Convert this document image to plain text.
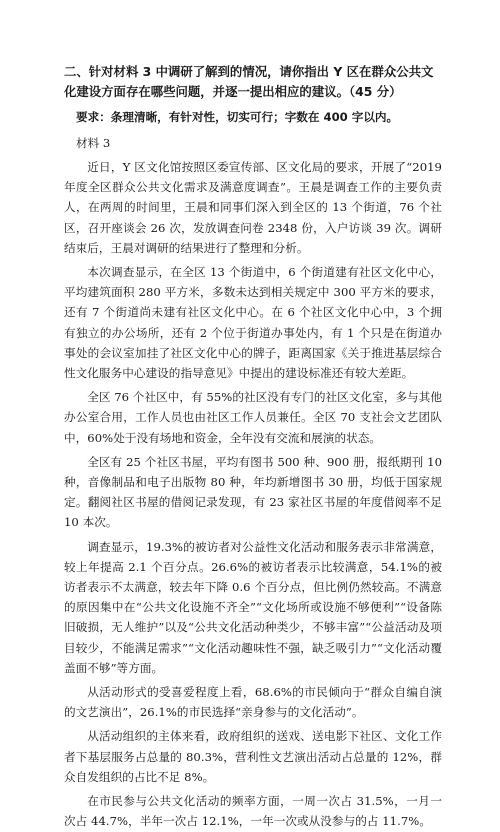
二、针对材料 3 中调研了解到的情况，请你指出 Y 区在群众公共文化建设方面存在哪些问题，并逐一提出相应的建议。（45 分）

要求：条理清晰，有针对性，切实可行；字数在 400 字以内。

材料 3

近日，Y 区文化馆按照区委宣传部、区文化局的要求，开展了“2019 年度全区群众公共文化需求及满意度调查”。王晨是调查工作的主要负责人，在两周的时间里，王晨和同事们深入到全区的 13 个街道，76 个社区，召开座谈会 26 次，发放调查问卷 2348 份，入户访谈 39 次。调研结束后，王晨对调研的结果进行了整理和分析。

本次调查显示，在全区 13 个街道中，6 个街道建有社区文化中心，平均建筑面积 280 平方米，多数未达到相关规定中 300 平方米的要求，还有 7 个街道尚未建有社区文化中心。在 6 个社区文化中心中，3 个拥有独立的办公场所，还有 2 个位于街道办事处内，有 1 个只是在街道办事处的会议室加挂了社区文化中心的牌子，距离国家《关于推进基层综合性文化服务中心建设的指导意见》中提出的建设标准还有较大差距。

全区 76 个社区中，有 55%的社区没有专门的社区文化室，多与其他办公室合用，工作人员也由社区工作人员兼任。全区 70 支社会文艺团队中，60%处于没有场地和资金，全年没有交流和展演的状态。

全区有 25 个社区书屋，平均有图书 500 种、900 册，报纸期刊 10 种，音像制品和电子出版物 80 种，年均新增图书 30 册，均低于国家规定。翻阅社区书屋的借阅记录发现，有 23 家社区书屋的年度借阅率不足 10 本次。

调查显示，19.3%的被访者对公益性文化活动和服务表示非常满意，较上年提高 2.1 个百分点。26.6%的被访者表示比较满意，54.1%的被访者表示不太满意，较去年下降 0.6 个百分点，但比例仍然较高。不满意的原因集中在“公共文化设施不齐全”“文化场所或设施不够便利”“设备陈旧破损，无人维护”以及“公共文化活动种类少，不够丰富”“公益活动及项目较少，不能满足需求”“文化活动趣味性不强，缺乏吸引力”“文化活动覆盖面不够”等方面。

从活动形式的受喜爱程度上看，68.6%的市民倾向于“群众自编自演的文艺演出”，26.1%的市民选择“亲身参与的文化活动”。

从活动组织的主体来看，政府组织的送戏、送电影下社区、文化工作者下基层服务占总量的 80.3%，营利性文艺演出活动占总量的 12%，群众自发组织的占比不足 8%。

在市民参与公共文化活动的频率方面，一周一次占 31.5%，一月一次占 44.7%，半年一次占 12.1%，一年一次或从没参与的占 11.7%。
